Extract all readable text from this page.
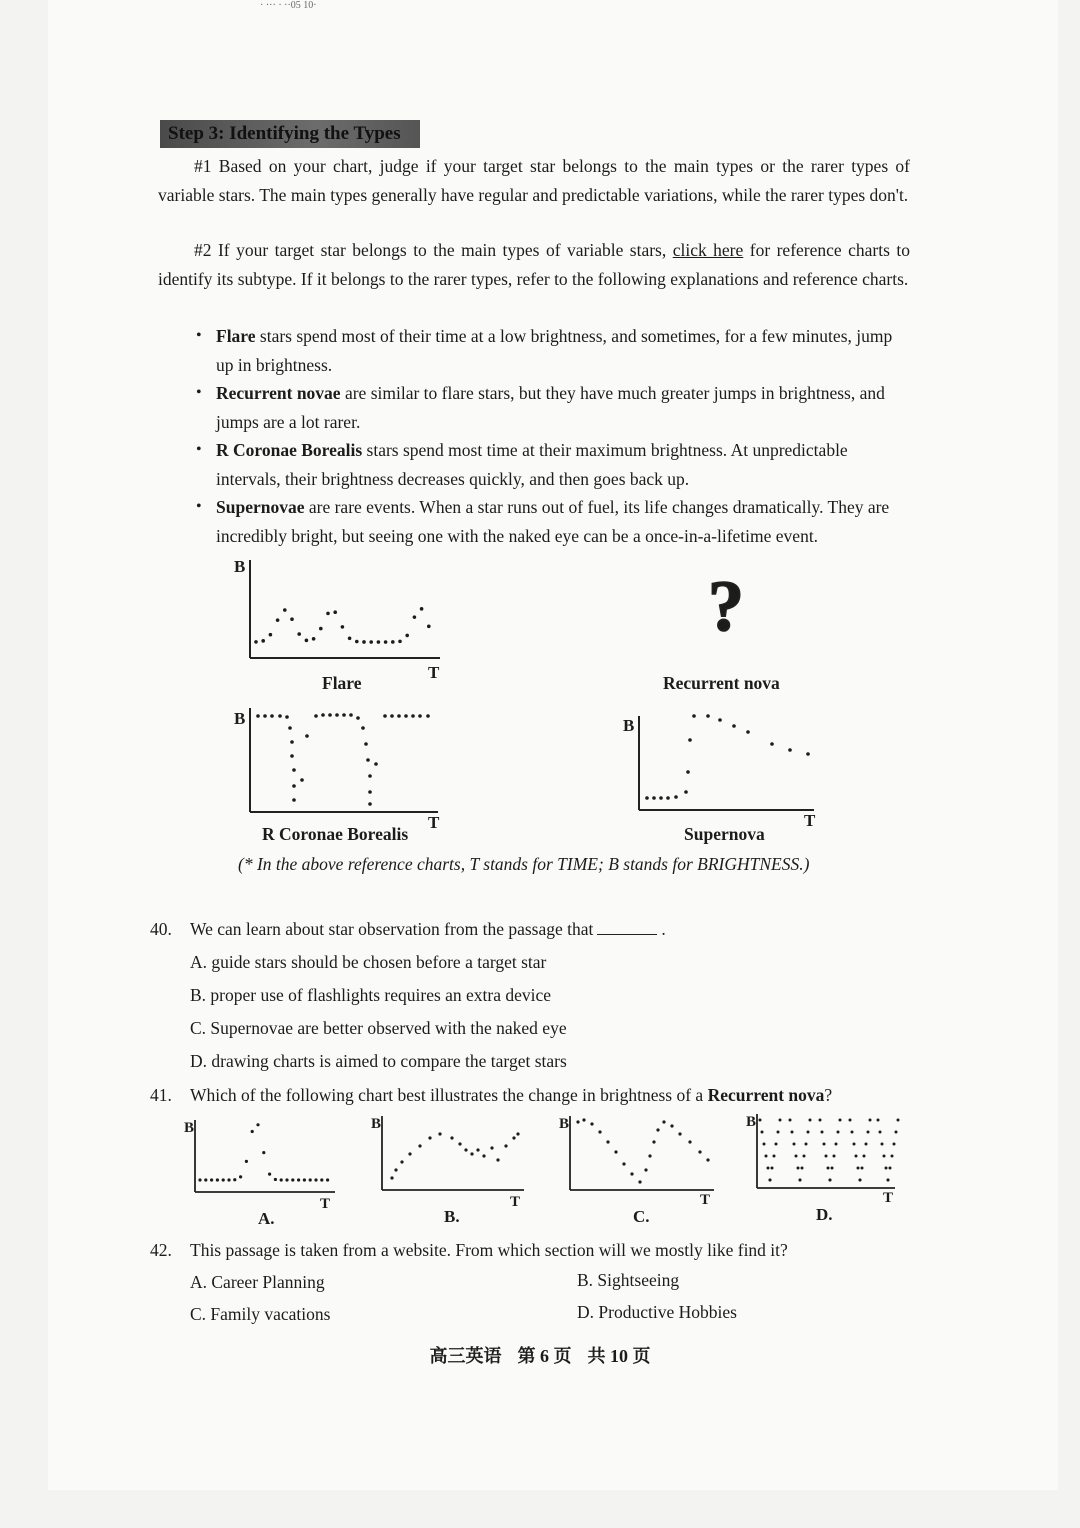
· ··· · ··05 10·
Step 3: Identifying the Types
#1 Based on your chart, judge if your target star belongs to the main types or the rarer types of variable stars. The main types generally have regular and predictable variations, while the rarer types don't.
#2 If your target star belongs to the main types of variable stars, click here for reference charts to identify its subtype. If it belongs to the rarer types, refer to the following explanations and reference charts.
• Flare stars spend most of their time at a low brightness, and sometimes, for a few minutes, jump up in brightness.
• Recurrent novae are similar to flare stars, but they have much greater jumps in brightness, and jumps are a lot rarer.
• R Coronae Borealis stars spend most time at their maximum brightness. At unpredictable intervals, their brightness decreases quickly, and then goes back up.
• Supernovae are rare events. When a star runs out of fuel, its life changes dramatically. They are incredibly bright, but seeing one with the naked eye can be a once-in-a-lifetime event.
B
T
?
B
T
B
T
Flare	Recurrent nova
R Coronae Borealis	Supernova
(* In the above reference charts, T stands for TIME; B stands for BRIGHTNESS.)
40. We can learn about star observation from the passage that	.
A. guide stars should be chosen before a target star
B. proper use of flashlights requires an extra device
C. Supernovae are better observed with the naked eye
D. drawing charts is aimed to compare the target stars
41. Which of the following chart best illustrates the change in brightness of a Recurrent nova?
B
T
B
T
B
T
B
T
A.	B.	C.	D.
42. This passage is taken from a website. From which section will we mostly like find it?
A. Career Planning	B. Sightseeing
C. Family vacations	D. Productive Hobbies
高三英语 第 6 页 共 10 页
